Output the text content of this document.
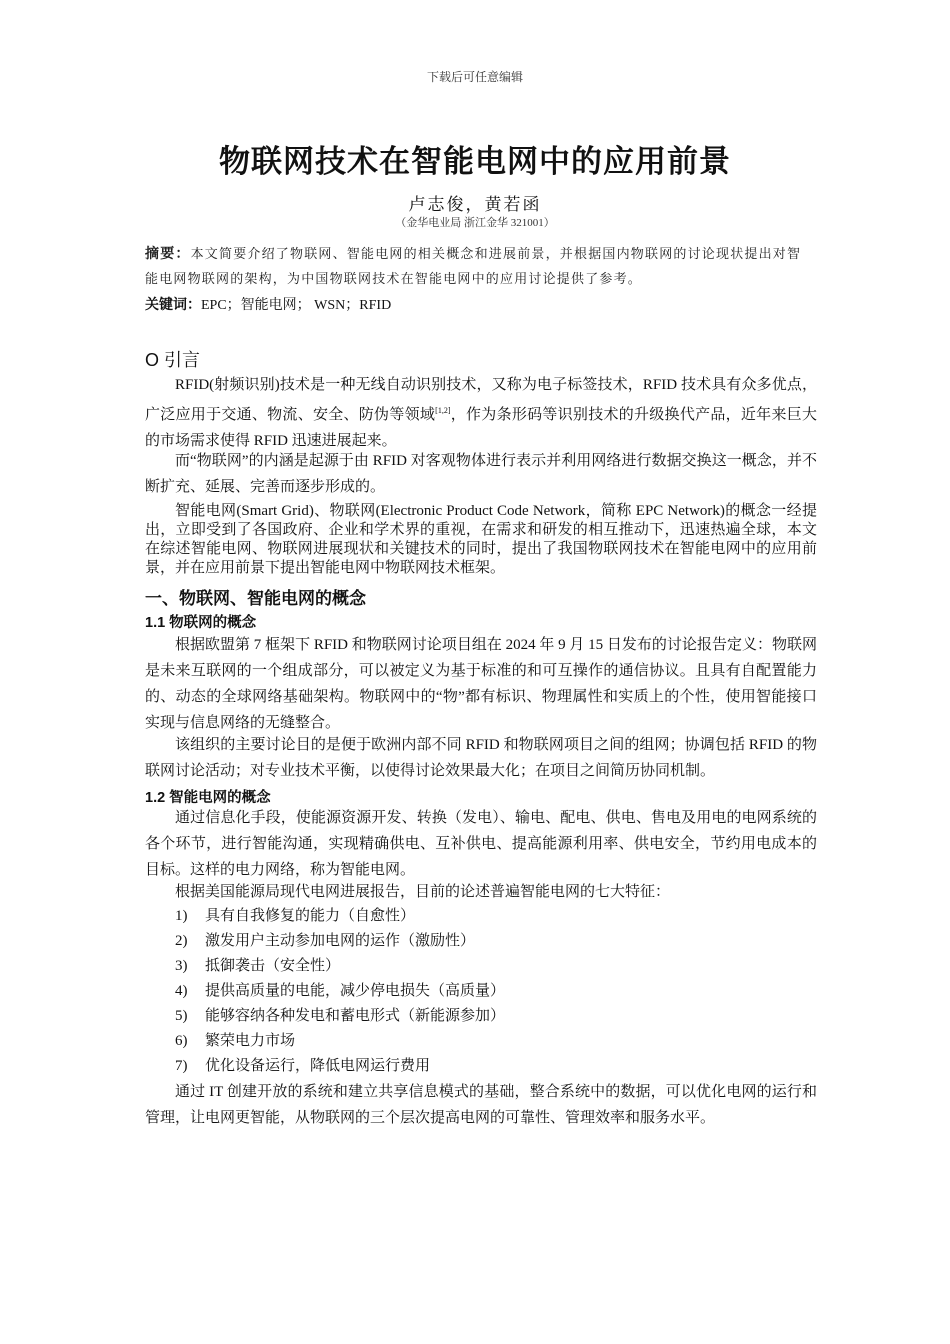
下载后可任意编辑
物联网技术在智能电网中的应用前景
卢志俊，黄若函
（金华电业局 浙江金华 321001）
摘要：本文简要介绍了物联网、智能电网的相关概念和进展前景，并根据国内物联网的讨论现状提出对智能电网物联网的架构，为中国物联网技术在智能电网中的应用讨论提供了参考。
关键词：EPC；智能电网； WSN；RFID
O 引言
RFID(射频识别)技术是一种无线自动识别技术，又称为电子标签技术，RFID 技术具有众多优点，广泛应用于交通、物流、安全、防伪等领域[1,2]，作为条形码等识别技术的升级换代产品，近年来巨大的市场需求使得 RFID 迅速进展起来。
而“物联网”的内涵是起源于由 RFID 对客观物体进行表示并利用网络进行数据交换这一概念，并不断扩充、延展、完善而逐步形成的。
智能电网(Smart Grid)、物联网(Electronic Product Code Network，简称 EPC Network)的概念一经提出，立即受到了各国政府、企业和学术界的重视，在需求和研发的相互推动下，迅速热遍全球，本文在综述智能电网、物联网进展现状和关键技术的同时，提出了我国物联网技术在智能电网中的应用前景，并在应用前景下提出智能电网中物联网技术框架。
一、物联网、智能电网的概念
1.1 物联网的概念
根据欧盟第 7 框架下 RFID 和物联网讨论项目组在 2024 年 9 月 15 日发布的讨论报告定义：物联网是未来互联网的一个组成部分，可以被定义为基于标准的和可互操作的通信协议。且具有自配置能力的、动态的全球网络基础架构。物联网中的“物”都有标识、物理属性和实质上的个性，使用智能接口实现与信息网络的无缝整合。
该组织的主要讨论目的是便于欧洲内部不同 RFID 和物联网项目之间的组网；协调包括 RFID 的物联网讨论活动；对专业技术平衡，以使得讨论效果最大化；在项目之间简历协同机制。
1.2 智能电网的概念
通过信息化手段，使能源资源开发、转换（发电）、输电、配电、供电、售电及用电的电网系统的各个环节，进行智能沟通，实现精确供电、互补供电、提高能源利用率、供电安全，节约用电成本的目标。这样的电力网络，称为智能电网。
根据美国能源局现代电网进展报告，目前的论述普遍智能电网的七大特征：
1) 具有自我修复的能力（自愈性）
2) 激发用户主动参加电网的运作（激励性）
3) 抵御袭击（安全性）
4) 提供高质量的电能，减少停电损失（高质量）
5) 能够容纳各种发电和蓄电形式（新能源参加）
6) 繁荣电力市场
7) 优化设备运行，降低电网运行费用
通过 IT 创建开放的系统和建立共享信息模式的基础，整合系统中的数据，可以优化电网的运行和管理，让电网更智能，从物联网的三个层次提高电网的可靠性、管理效率和服务水平。
